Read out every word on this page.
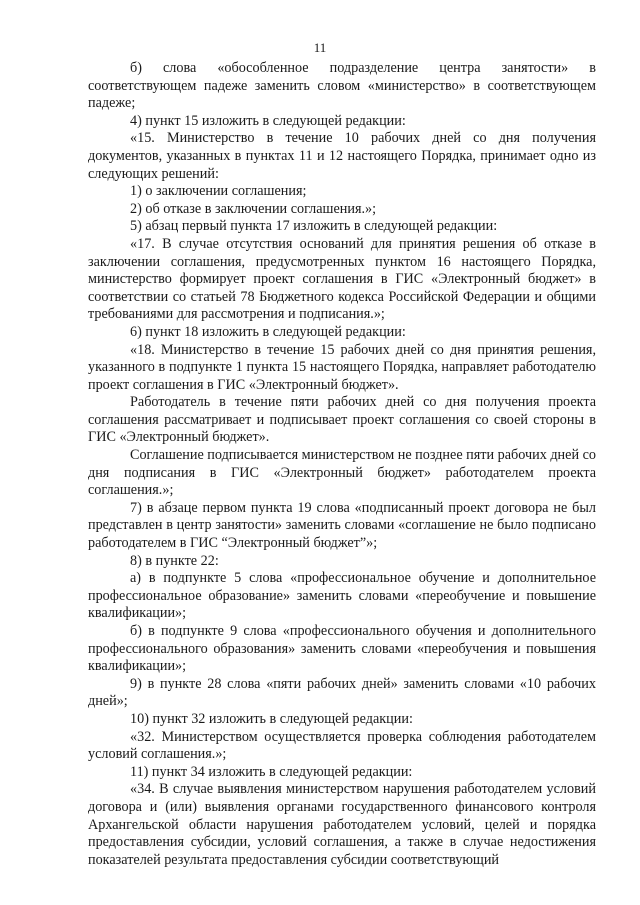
11

б) слова «обособленное подразделение центра занятости» в соответствующем падеже заменить словом «министерство» в соответствующем падеже;

4) пункт 15 изложить в следующей редакции:

«15. Министерство в течение 10 рабочих дней со дня получения документов, указанных в пунктах 11 и 12 настоящего Порядка, принимает одно из следующих решений:

1) о заключении соглашения;

2) об отказе в заключении соглашения.»;

5) абзац первый пункта 17 изложить в следующей редакции:

«17. В случае отсутствия оснований для принятия решения об отказе в заключении соглашения, предусмотренных пунктом 16 настоящего Порядка, министерство формирует проект соглашения в ГИС «Электронный бюджет» в соответствии со статьей 78 Бюджетного кодекса Российской Федерации и общими требованиями для рассмотрения и подписания.»;

6) пункт 18 изложить в следующей редакции:

«18. Министерство в течение 15 рабочих дней со дня принятия решения, указанного в подпункте 1 пункта 15 настоящего Порядка, направляет работодателю проект соглашения в ГИС «Электронный бюджет».

Работодатель в течение пяти рабочих дней со дня получения проекта соглашения рассматривает и подписывает проект соглашения со своей стороны в ГИС «Электронный бюджет».

Соглашение подписывается министерством не позднее пяти рабочих дней со дня подписания в ГИС «Электронный бюджет» работодателем проекта соглашения.»;

7) в абзаце первом пункта 19 слова «подписанный проект договора не был представлен в центр занятости» заменить словами «соглашение не было подписано работодателем в ГИС “Электронный бюджет”»;

8) в пункте 22:

а) в подпункте 5 слова «профессиональное обучение и дополнительное профессиональное образование» заменить словами «переобучение и повышение квалификации»;

б) в подпункте 9 слова «профессионального обучения и дополнительного профессионального образования» заменить словами «переобучения и повышения квалификации»;

9) в пункте 28 слова «пяти рабочих дней» заменить словами «10 рабочих дней»;

10) пункт 32 изложить в следующей редакции:

«32. Министерством осуществляется проверка соблюдения работодателем условий соглашения.»;

11) пункт 34 изложить в следующей редакции:

«34. В случае выявления министерством нарушения работодателем условий договора и (или) выявления органами государственного финансового контроля Архангельской области нарушения работодателем условий, целей и порядка предоставления субсидии, условий соглашения, а также в случае недостижения показателей результата предоставления субсидии соответствующий
